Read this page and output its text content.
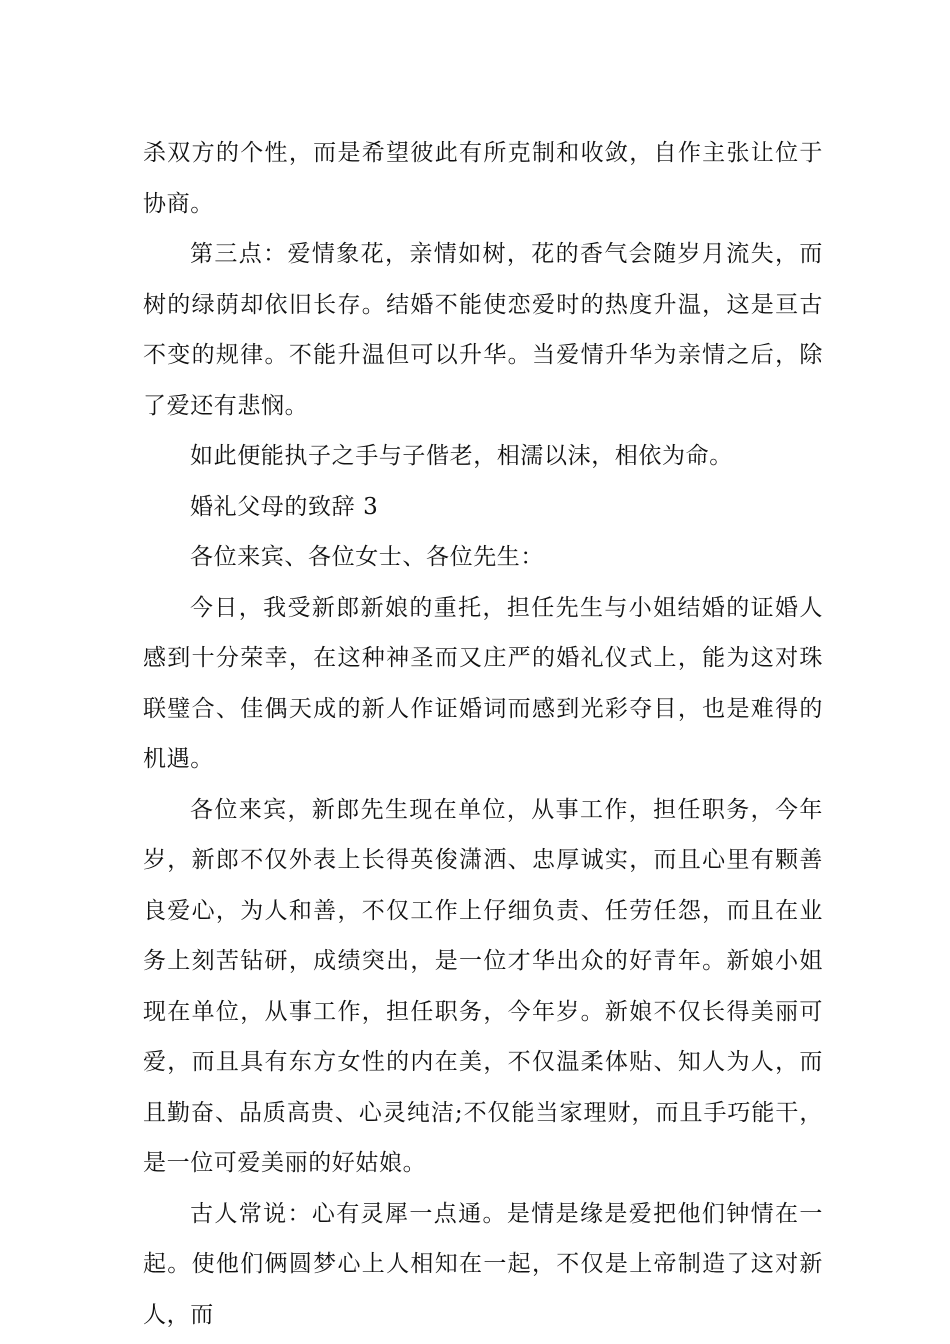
杀双方的个性，而是希望彼此有所克制和收敛，自作主张让位于协商。

第三点：爱情象花，亲情如树，花的香气会随岁月流失，而树的绿荫却依旧长存。结婚不能使恋爱时的热度升温，这是亘古不变的规律。不能升温但可以升华。当爱情升华为亲情之后，除了爱还有悲悯。

如此便能执子之手与子偕老，相濡以沫，相依为命。

婚礼父母的致辞 3

各位来宾、各位女士、各位先生：

今日，我受新郎新娘的重托，担任先生与小姐结婚的证婚人感到十分荣幸，在这种神圣而又庄严的婚礼仪式上，能为这对珠联璧合、佳偶天成的新人作证婚词而感到光彩夺目，也是难得的机遇。

各位来宾，新郎先生现在单位，从事工作，担任职务，今年岁，新郎不仅外表上长得英俊潇洒、忠厚诚实，而且心里有颗善良爱心，为人和善，不仅工作上仔细负责、任劳任怨，而且在业务上刻苦钻研，成绩突出，是一位才华出众的好青年。新娘小姐现在单位，从事工作，担任职务，今年岁。新娘不仅长得美丽可爱，而且具有东方女性的内在美，不仅温柔体贴、知人为人，而且勤奋、品质高贵、心灵纯洁;不仅能当家理财，而且手巧能干，是一位可爱美丽的好姑娘。

古人常说：心有灵犀一点通。是情是缘是爱把他们钟情在一起。使他们俩圆梦心上人相知在一起，不仅是上帝制造了这对新人，而
